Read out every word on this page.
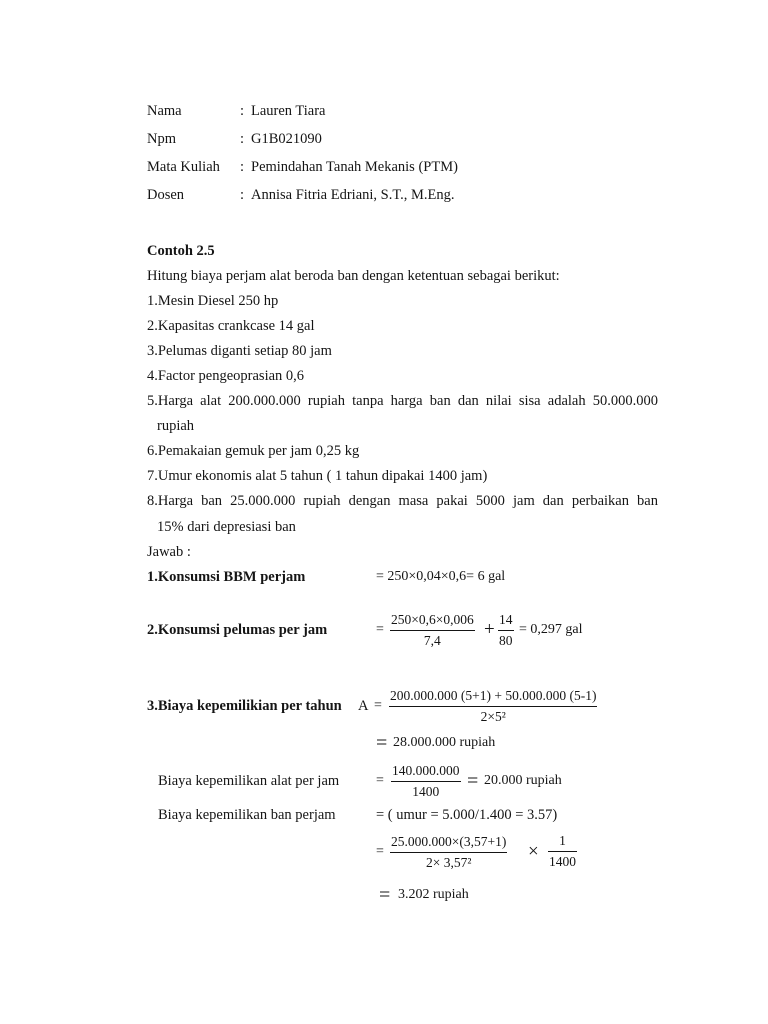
Nama	: Lauren Tiara
Npm	: G1B021090
Mata Kuliah : Pemindahan Tanah Mekanis (PTM)
Dosen	: Annisa Fitria Edriani, S.T., M.Eng.
Contoh 2.5
Hitung biaya perjam alat beroda ban dengan ketentuan sebagai berikut:
1.Mesin Diesel 250 hp
2.Kapasitas crankcase 14 gal
3.Pelumas diganti setiap 80 jam
4.Factor pengeoprasian 0,6
5.Harga alat 200.000.000 rupiah tanpa harga ban dan nilai sisa adalah 50.000.000
rupiah
6.Pemakaian gemuk per jam 0,25 kg
7.Umur ekonomis alat 5 tahun ( 1 tahun dipakai 1400 jam)
8.Harga ban 25.000.000 rupiah dengan masa pakai 5000 jam dan perbaikan ban
15% dari depresiasi ban
Jawab :
1.Konsumsi BBM perjam	= 250×0,04×0,6= 6 gal
2.Konsumsi pelumas per jam	= $\frac{250\times 0,6\times 0,006}{7,4} + \frac{14}{80} = 0,297$ gal
3.Biaya kepemilikian per tahun $A = \frac{200.000.000 (5+1) + 50.000.000 (5-1)}{\text{2×5²}}$
= 28.000.000 rupiah
Biaya kepemilikan alat per jam	= $\frac{140.000.000}{1400} = 20.000$ rupiah
Biaya kepemilikan ban perjam	= ( umur = 5.000/1.400 = 3.57)
= $\frac{25.000.000\times(3,57+1)}{\text{2× 3,57²}} \times \frac{1}{1400}$
= 3.202 rupiah
